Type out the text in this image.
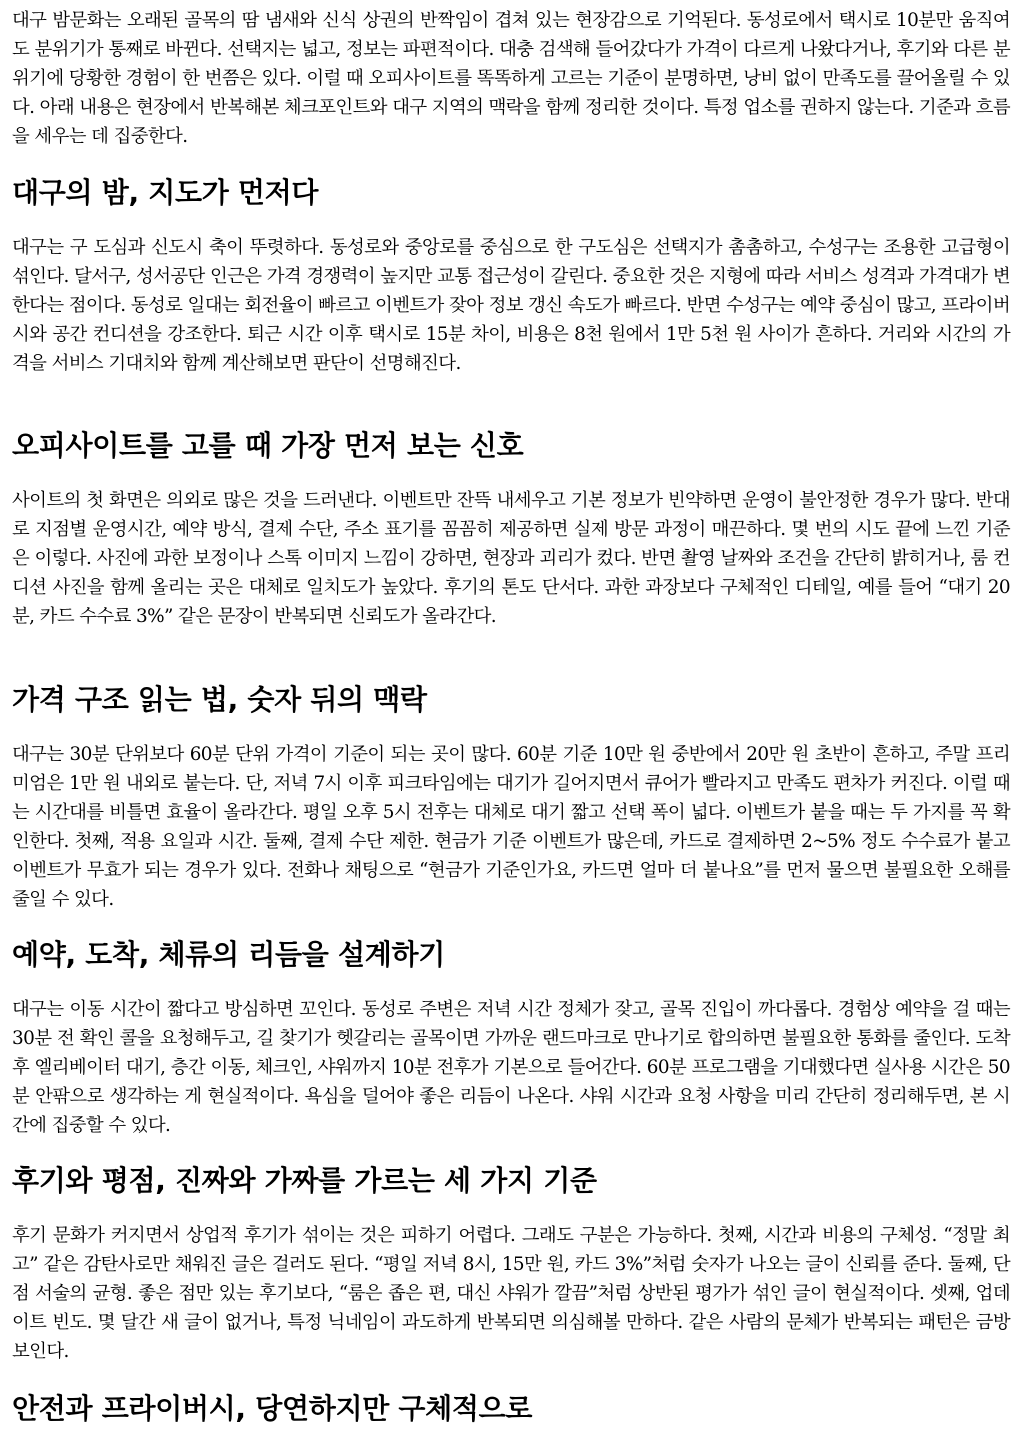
대구 밤문화는 오래된 골목의 땀 냄새와 신식 상권의 반짝임이 겹쳐 있는 현장감으로 기억된다. 동성로에서 택시로 10분만 움직여도 분위기가 통째로 바뀐다. 선택지는 넓고, 정보는 파편적이다. 대충 검색해 들어갔다가 가격이 다르게 나왔다거나, 후기와 다른 분위기에 당황한 경험이 한 번쯤은 있다. 이럴 때 오피사이트를 똑똑하게 고르는 기준이 분명하면, 낭비 없이 만족도를 끌어올릴 수 있다. 아래 내용은 현장에서 반복해본 체크포인트와 대구 지역의 맥락을 함께 정리한 것이다. 특정 업소를 권하지 않는다. 기준과 흐름을 세우는 데 집중한다.

대구의 밤, 지도가 먼저다

대구는 구 도심과 신도시 축이 뚜렷하다. 동성로와 중앙로를 중심으로 한 구도심은 선택지가 촘촘하고, 수성구는 조용한 고급형이 섞인다. 달서구, 성서공단 인근은 가격 경쟁력이 높지만 교통 접근성이 갈린다. 중요한 것은 지형에 따라 서비스 성격과 가격대가 변한다는 점이다. 동성로 일대는 회전율이 빠르고 이벤트가 잦아 정보 갱신 속도가 빠르다. 반면 수성구는 예약 중심이 많고, 프라이버시와 공간 컨디션을 강조한다. 퇴근 시간 이후 택시로 15분 차이, 비용은 8천 원에서 1만 5천 원 사이가 흔하다. 거리와 시간의 가격을 서비스 기대치와 함께 계산해보면 판단이 선명해진다.

오피사이트를 고를 때 가장 먼저 보는 신호

사이트의 첫 화면은 의외로 많은 것을 드러낸다. 이벤트만 잔뜩 내세우고 기본 정보가 빈약하면 운영이 불안정한 경우가 많다. 반대로 지점별 운영시간, 예약 방식, 결제 수단, 주소 표기를 꼼꼼히 제공하면 실제 방문 과정이 매끈하다. 몇 번의 시도 끝에 느낀 기준은 이렇다. 사진에 과한 보정이나 스톡 이미지 느낌이 강하면, 현장과 괴리가 컸다. 반면 촬영 날짜와 조건을 간단히 밝히거나, 룸 컨디션 사진을 함께 올리는 곳은 대체로 일치도가 높았다. 후기의 톤도 단서다. 과한 과장보다 구체적인 디테일, 예를 들어 “대기 20분, 카드 수수료 3%” 같은 문장이 반복되면 신뢰도가 올라간다.

가격 구조 읽는 법, 숫자 뒤의 맥락

대구는 30분 단위보다 60분 단위 가격이 기준이 되는 곳이 많다. 60분 기준 10만 원 중반에서 20만 원 초반이 흔하고, 주말 프리미엄은 1만 원 내외로 붙는다. 단, 저녁 7시 이후 피크타임에는 대기가 길어지면서 큐어가 빨라지고 만족도 편차가 커진다. 이럴 때는 시간대를 비틀면 효율이 올라간다. 평일 오후 5시 전후는 대체로 대기 짧고 선택 폭이 넓다. 이벤트가 붙을 때는 두 가지를 꼭 확인한다. 첫째, 적용 요일과 시간. 둘째, 결제 수단 제한. 현금가 기준 이벤트가 많은데, 카드로 결제하면 2~5% 정도 수수료가 붙고 이벤트가 무효가 되는 경우가 있다. 전화나 채팅으로 “현금가 기준인가요, 카드면 얼마 더 붙나요”를 먼저 물으면 불필요한 오해를 줄일 수 있다.

예약, 도착, 체류의 리듬을 설계하기

대구는 이동 시간이 짧다고 방심하면 꼬인다. 동성로 주변은 저녁 시간 정체가 잦고, 골목 진입이 까다롭다. 경험상 예약을 걸 때는 30분 전 확인 콜을 요청해두고, 길 찾기가 헷갈리는 골목이면 가까운 랜드마크로 만나기로 합의하면 불필요한 통화를 줄인다. 도착 후 엘리베이터 대기, 층간 이동, 체크인, 샤워까지 10분 전후가 기본으로 들어간다. 60분 프로그램을 기대했다면 실사용 시간은 50분 안팎으로 생각하는 게 현실적이다. 욕심을 덜어야 좋은 리듬이 나온다. 샤워 시간과 요청 사항을 미리 간단히 정리해두면, 본 시간에 집중할 수 있다.

후기와 평점, 진짜와 가짜를 가르는 세 가지 기준

후기 문화가 커지면서 상업적 후기가 섞이는 것은 피하기 어렵다. 그래도 구분은 가능하다. 첫째, 시간과 비용의 구체성. “정말 최고” 같은 감탄사로만 채워진 글은 걸러도 된다. “평일 저녁 8시, 15만 원, 카드 3%”처럼 숫자가 나오는 글이 신뢰를 준다. 둘째, 단점 서술의 균형. 좋은 점만 있는 후기보다, “룸은 좁은 편, 대신 샤워가 깔끔”처럼 상반된 평가가 섞인 글이 현실적이다. 셋째, 업데이트 빈도. 몇 달간 새 글이 없거나, 특정 닉네임이 과도하게 반복되면 의심해볼 만하다. 같은 사람의 문체가 반복되는 패턴은 금방 보인다.

안전과 프라이버시, 당연하지만 구체적으로
